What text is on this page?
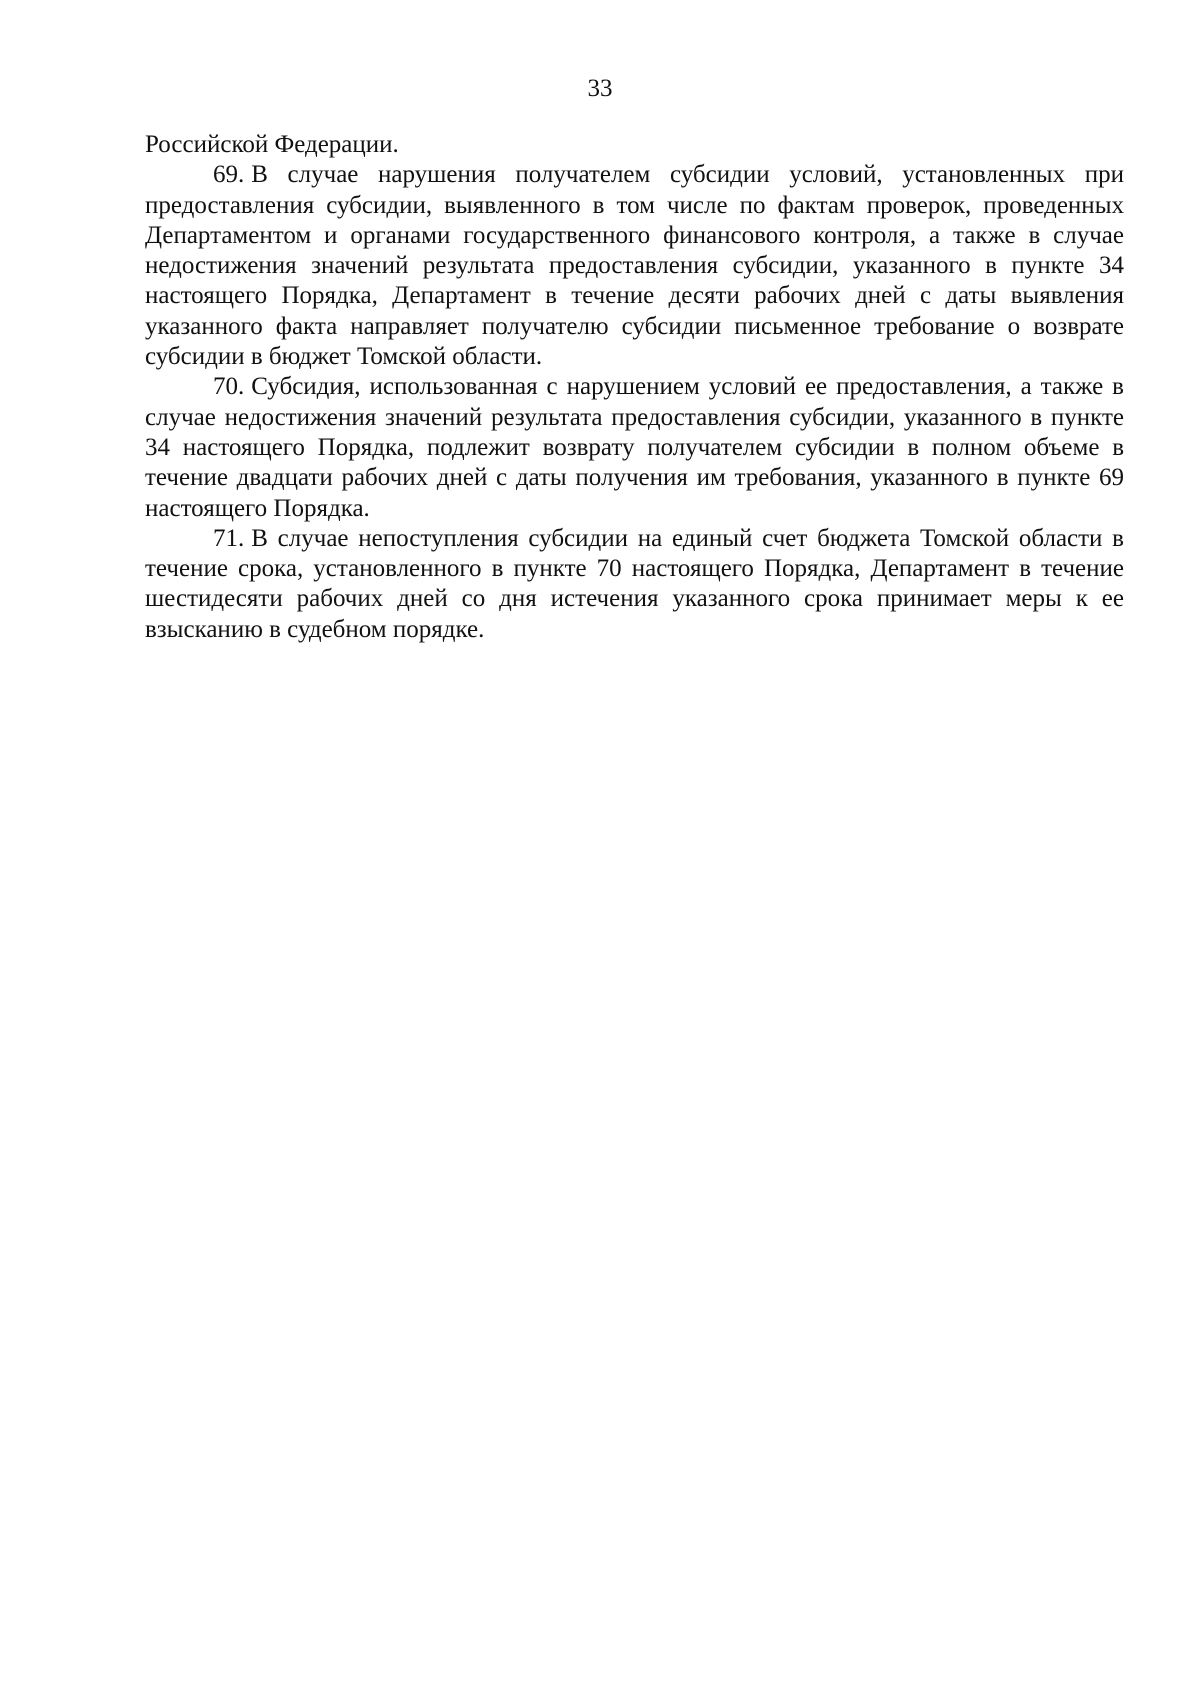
33

Российской Федерации.

69. В случае нарушения получателем субсидии условий, установленных при предоставления субсидии, выявленного в том числе по фактам проверок, проведенных Департаментом и органами государственного финансового контроля, а также в случае недостижения значений результата предоставления субсидии, указанного в пункте 34 настоящего Порядка, Департамент в течение десяти рабочих дней с даты выявления указанного факта направляет получателю субсидии письменное требование о возврате субсидии в бюджет Томской области.

70. Субсидия, использованная с нарушением условий ее предоставления, а также в случае недостижения значений результата предоставления субсидии, указанного в пункте 34 настоящего Порядка, подлежит возврату получателем субсидии в полном объеме в течение двадцати рабочих дней с даты получения им требования, указанного в пункте 69 настоящего Порядка.

71. В случае непоступления субсидии на единый счет бюджета Томской области в течение срока, установленного в пункте 70 настоящего Порядка, Департамент в течение шестидесяти рабочих дней со дня истечения указанного срока принимает меры к ее взысканию в судебном порядке.
